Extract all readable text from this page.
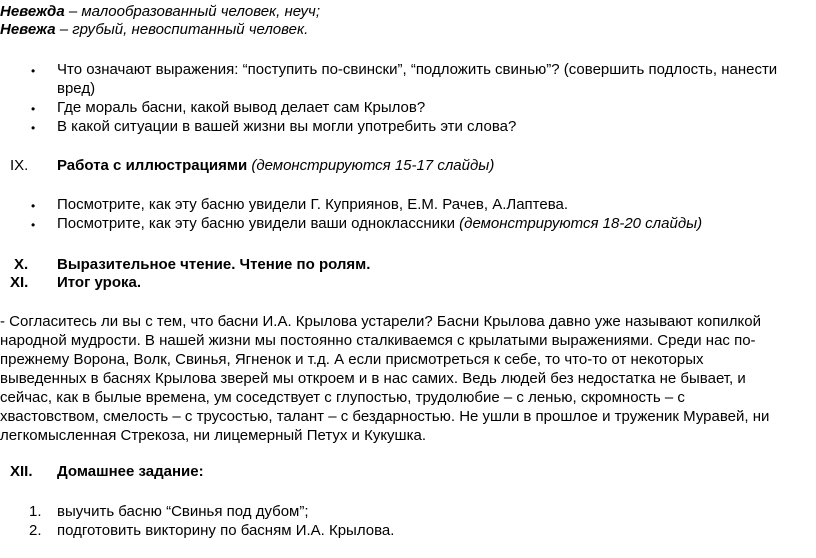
Невежда – малообразованный человек, неуч;
Невежа – грубый, невоспитанный человек.
• Что означают выражения: “поступить по-свински”, “подложить свинью”? (совершить подлость, нанести
вред)
• Где мораль басни, какой вывод делает сам Крылов?
• В какой ситуации в вашей жизни вы могли употребить эти слова?
IX. Работа с иллюстрациями (демонстрируются 15-17 слайды)
• Посмотрите, как эту басню увидели Г. Куприянов, Е.М. Рачев, А.Лаптева.
• Посмотрите, как эту басню увидели ваши одноклассники (демонстрируются 18-20 слайды)
X. Выразительное чтение. Чтение по ролям.
XI. Итог урока.
- Согласитесь ли вы с тем, что басни И.А. Крылова устарели? Басни Крылова давно уже называют копилкой
народной мудрости. В нашей жизни мы постоянно сталкиваемся с крылатыми выражениями. Среди нас по-
прежнему Ворона, Волк, Свинья, Ягненок и т.д. А если присмотреться к себе, то что-то от некоторых
выведенных в баснях Крылова зверей мы откроем и в нас самих. Ведь людей без недостатка не бывает, и
сейчас, как в былые времена, ум соседствует с глупостью, трудолюбие – с ленью, скромность – с
хвастовством, смелость – с трусостью, талант – с бездарностью. Не ушли в прошлое и труженик Муравей, ни
легкомысленная Стрекоза, ни лицемерный Петух и Кукушка.
XII. Домашнее задание:
1. выучить басню “Свинья под дубом”;
2. подготовить викторину по басням И.А. Крылова.
